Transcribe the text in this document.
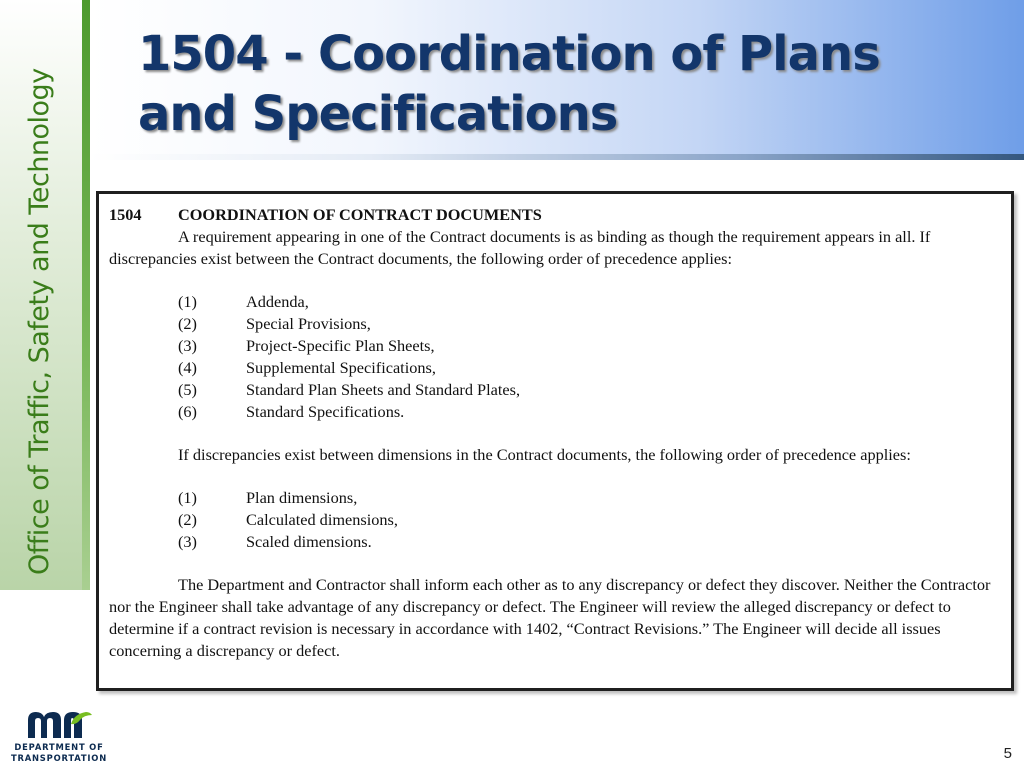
Office of Traffic, Safety and Technology
1504 - Coordination of Plans
and Specifications
1504 COORDINATION OF CONTRACT DOCUMENTS

A requirement appearing in one of the Contract documents is as binding as though the requirement appears in all. If discrepancies exist between the Contract documents, the following order of precedence applies:

(1)	Addenda,
(2)	Special Provisions,
(3)	Project-Specific Plan Sheets,
(4)	Supplemental Specifications,
(5)	Standard Plan Sheets and Standard Plates,
(6)	Standard Specifications.

If discrepancies exist between dimensions in the Contract documents, the following order of precedence applies:

(1)	Plan dimensions,
(2)	Calculated dimensions,
(3)	Scaled dimensions.

The Department and Contractor shall inform each other as to any discrepancy or defect they discover. Neither the Contractor nor the Engineer shall take advantage of any discrepancy or defect. The Engineer will review the alleged discrepancy or defect to determine if a contract revision is necessary in accordance with 1402, “Contract Revisions.” The Engineer will decide all issues concerning a discrepancy or defect.

DEPARTMENT OF
TRANSPORTATION	5
